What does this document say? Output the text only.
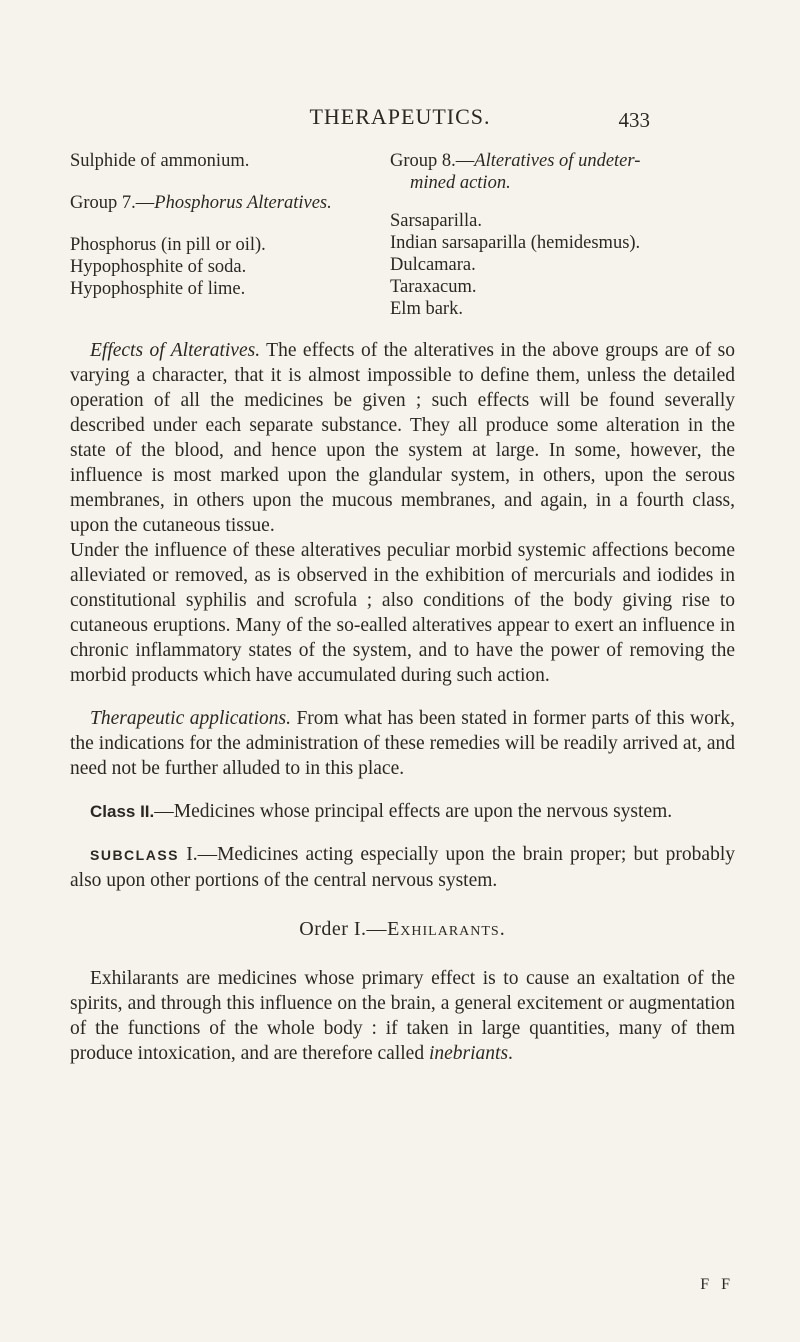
THERAPEUTICS.	433

Sulphide of ammonium.

Group 7.—Phosphorus Alteratives.

Phosphorus (in pill or oil).

Hypophosphite of soda.

Hypophosphite of lime.

Group 8.—Alteratives of undeter-

mined action.

Sarsaparilla.

Indian sarsaparilla (hemidesmus).

Dulcamara.

Taraxacum.

Elm bark.

Effects of Alteratives. The effects of the alteratives in the above groups are of so varying a character, that it is almost impossible to define them, unless the detailed operation of all the medicines be given ; such effects will be found severally described under each separate substance. They all produce some alteration in the state of the blood, and hence upon the system at large. In some, however, the influence is most marked upon the glandular system, in others, upon the serous membranes, in others upon the mucous membranes, and again, in a fourth class, upon the cutaneous tissue.

Under the influence of these alteratives peculiar morbid systemic affections become alleviated or removed, as is observed in the exhibition of mercurials and iodides in constitutional syphilis and scrofula ; also conditions of the body giving rise to cutaneous eruptions. Many of the so-ealled alteratives appear to exert an influence in chronic inflammatory states of the system, and to have the power of removing the morbid products which have accumulated during such action.

Therapeutic applications. From what has been stated in former parts of this work, the indications for the administration of these remedies will be readily arrived at, and need not be further alluded to in this place.

Class II.—Medicines whose principal effects are upon the nervous system.

SUBCLASS I.—Medicines acting especially upon the brain proper; but probably also upon other portions of the central nervous system.

Order I.—Exhilarants.

Exhilarants are medicines whose primary effect is to cause an exaltation of the spirits, and through this influence on the brain, a general excitement or augmentation of the functions of the whole body : if taken in large quantities, many of them produce intoxication, and are therefore called inebriants.

F F
